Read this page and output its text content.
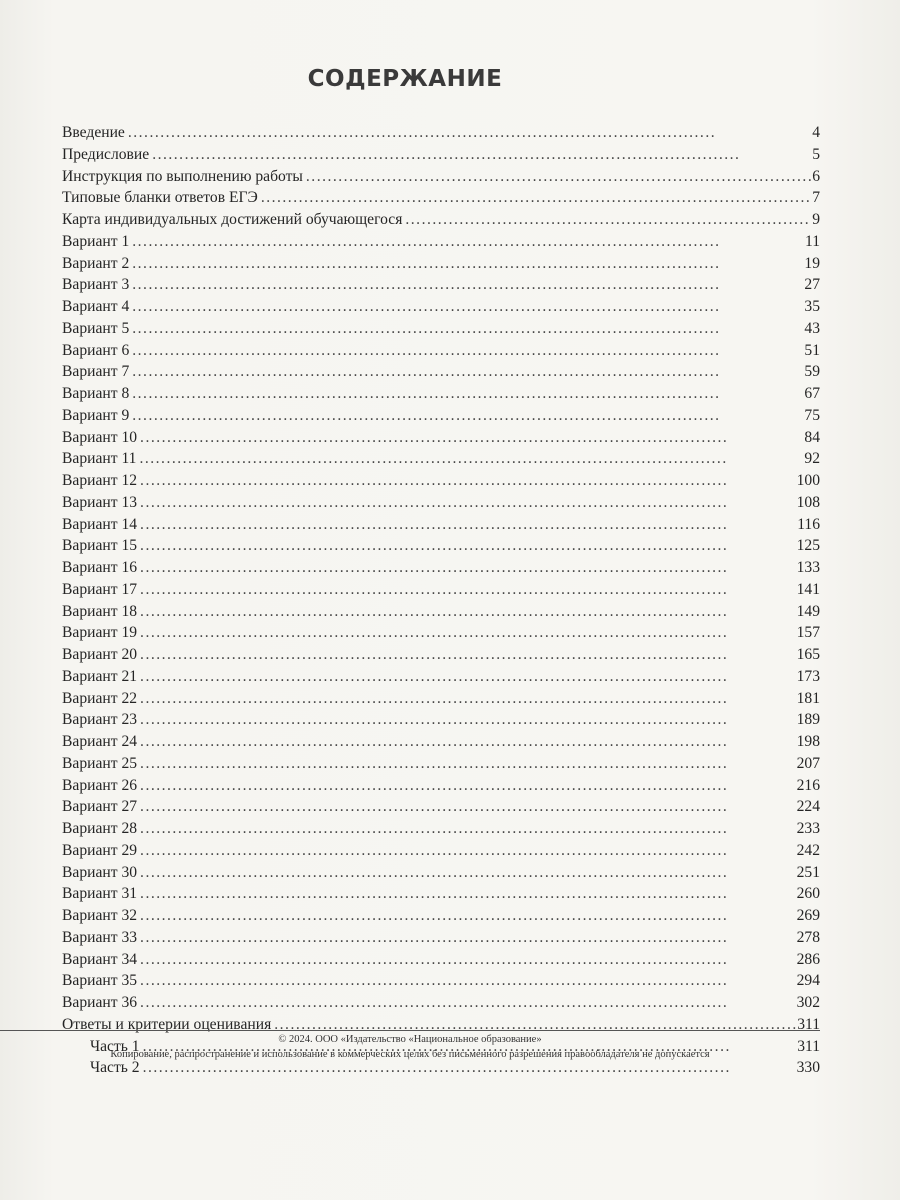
СОДЕРЖАНИЕ
Введение . . .	4
Предисловие . . .	5
Инструкция по выполнению работы . . .	6
Типовые бланки ответов ЕГЭ . . .	7
Карта индивидуальных достижений обучающегося . . .	9
Вариант 1 . . .	11
Вариант 2 . . .	19
Вариант 3 . . .	27
Вариант 4 . . .	35
Вариант 5 . . .	43
Вариант 6 . . .	51
Вариант 7 . . .	59
Вариант 8 . . .	67
Вариант 9 . . .	75
Вариант 10 . . .	84
Вариант 11 . . .	92
Вариант 12 . . .	100
Вариант 13 . . .	108
Вариант 14 . . .	116
Вариант 15 . . .	125
Вариант 16 . . .	133
Вариант 17 . . .	141
Вариант 18 . . .	149
Вариант 19 . . .	157
Вариант 20 . . .	165
Вариант 21 . . .	173
Вариант 22 . . .	181
Вариант 23 . . .	189
Вариант 24 . . .	198
Вариант 25 . . .	207
Вариант 26 . . .	216
Вариант 27 . . .	224
Вариант 28 . . .	233
Вариант 29 . . .	242
Вариант 30 . . .	251
Вариант 31 . . .	260
Вариант 32 . . .	269
Вариант 33 . . .	278
Вариант 34 . . .	286
Вариант 35 . . .	294
Вариант 36 . . .	302
Ответы и критерии оценивания . . .	311
Часть 1 . . .	311
Часть 2 . . .	330
© 2024. ООО «Издательство «Национальное образование»
Копирование, распространение и использование в коммерческих целях без письменного разрешения правообладателя не допускается
